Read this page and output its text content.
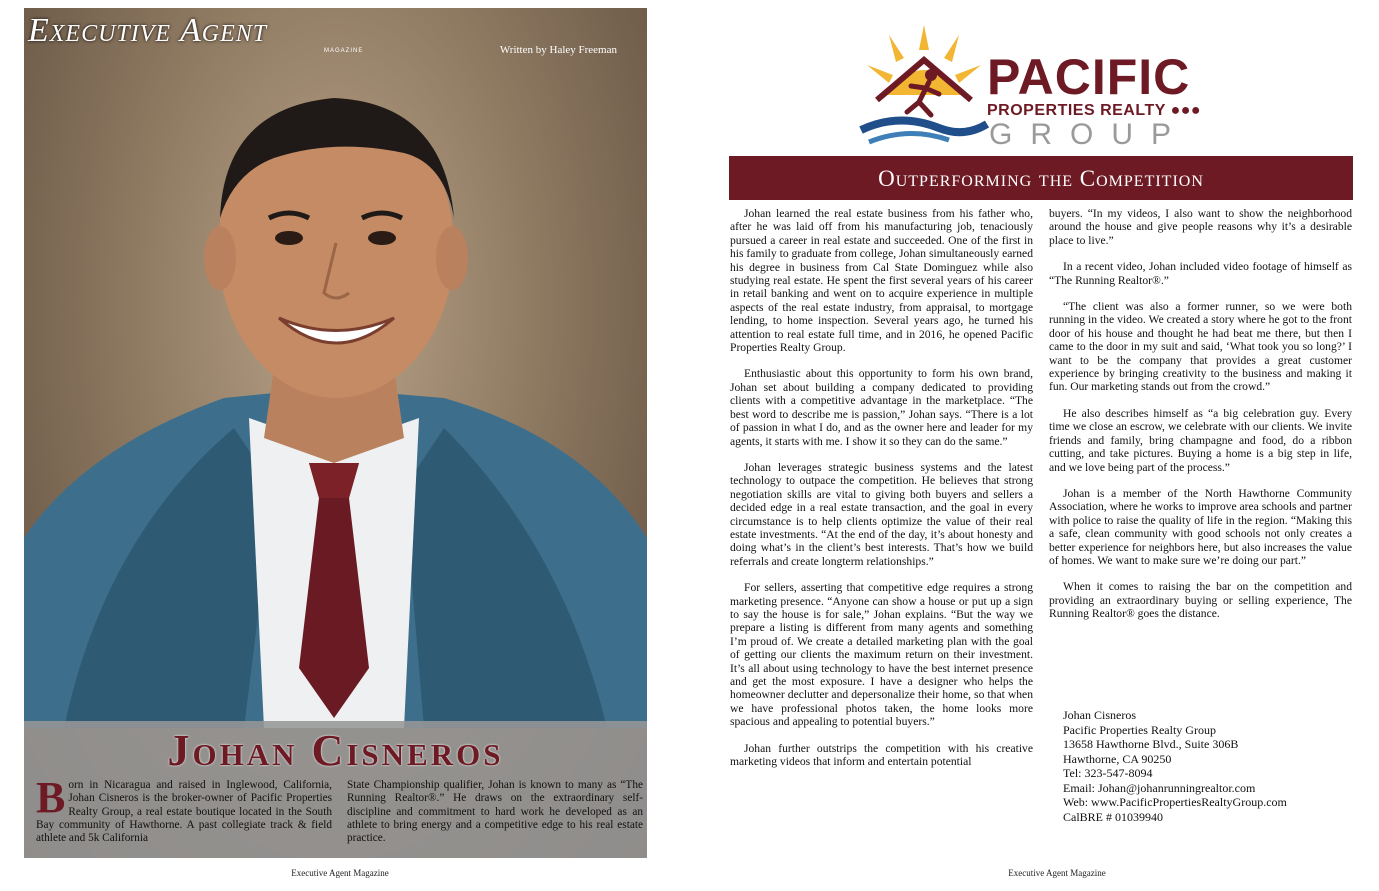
Executive Agent
MAGAZINE	Written by Haley Freeman
Johan Cisneros
Born in Nicaragua and raised in Inglewood, California, Johan Cisneros is the broker-owner of Pacific Properties Realty Group, a real estate boutique located in the South Bay community of Hawthorne. A past collegiate track & field athlete and 5k California
State Championship qualifier, Johan is known to many as “The Running Realtor®.” He draws on the extraordinary self-discipline and commitment to hard work he developed as an athlete to bring energy and a competitive edge to his real estate practice.
Executive Agent Magazine
PACIFIC
PROPERTIES REALTY ●●●
GROUP
Outperforming the Competition

Johan learned the real estate business from his father who, after he was laid off from his manufacturing job, tenaciously pursued a career in real estate and succeeded. One of the first in his family to graduate from college, Johan simultaneously earned his degree in business from Cal State Dominguez while also studying real estate. He spent the first several years of his career in retail banking and went on to acquire experience in multiple aspects of the real estate industry, from appraisal, to mortgage lending, to home inspection. Several years ago, he turned his attention to real estate full time, and in 2016, he opened Pacific Properties Realty Group.

Enthusiastic about this opportunity to form his own brand, Johan set about building a company dedicated to providing clients with a competitive advantage in the marketplace. “The best word to describe me is passion,” Johan says. “There is a lot of passion in what I do, and as the owner here and leader for my agents, it starts with me. I show it so they can do the same.”

Johan leverages strategic business systems and the latest technology to outpace the competition. He believes that strong negotiation skills are vital to giving both buyers and sellers a decided edge in a real estate transaction, and the goal in every circumstance is to help clients optimize the value of their real estate investments. “At the end of the day, it’s about honesty and doing what’s in the client’s best interests. That’s how we build referrals and create longterm relationships.”

For sellers, asserting that competitive edge requires a strong marketing presence. “Anyone can show a house or put up a sign to say the house is for sale,” Johan explains. “But the way we prepare a listing is different from many agents and something I’m proud of. We create a detailed marketing plan with the goal of getting our clients the maximum return on their investment. It’s all about using technology to have the best internet presence and get the most exposure. I have a designer who helps the homeowner declutter and depersonalize their home, so that when we have professional photos taken, the home looks more spacious and appealing to potential buyers.”

Johan further outstrips the competition with his creative marketing videos that inform and entertain potential

buyers. “In my videos, I also want to show the neighborhood around the house and give people reasons why it’s a desirable place to live.”

In a recent video, Johan included video footage of himself as “The Running Realtor®.”

“The client was also a former runner, so we were both running in the video. We created a story where he got to the front door of his house and thought he had beat me there, but then I came to the door in my suit and said, ‘What took you so long?’ I want to be the company that provides a great customer experience by bringing creativity to the business and making it fun. Our marketing stands out from the crowd.”

He also describes himself as “a big celebration guy. Every time we close an escrow, we celebrate with our clients. We invite friends and family, bring champagne and food, do a ribbon cutting, and take pictures. Buying a home is a big step in life, and we love being part of the process.”

Johan is a member of the North Hawthorne Community Association, where he works to improve area schools and partner with police to raise the quality of life in the region. “Making this a safe, clean community with good schools not only creates a better experience for neighbors here, but also increases the value of homes. We want to make sure we’re doing our part.”

When it comes to raising the bar on the competition and providing an extraordinary buying or selling experience, The Running Realtor® goes the distance.

Johan Cisneros
Pacific Properties Realty Group
13658 Hawthorne Blvd., Suite 306B
Hawthorne, CA 90250
Tel: 323-547-8094
Email: Johan@johanrunningrealtor.com
Web: www.PacificPropertiesRealtyGroup.com
CalBRE # 01039940
Executive Agent Magazine
